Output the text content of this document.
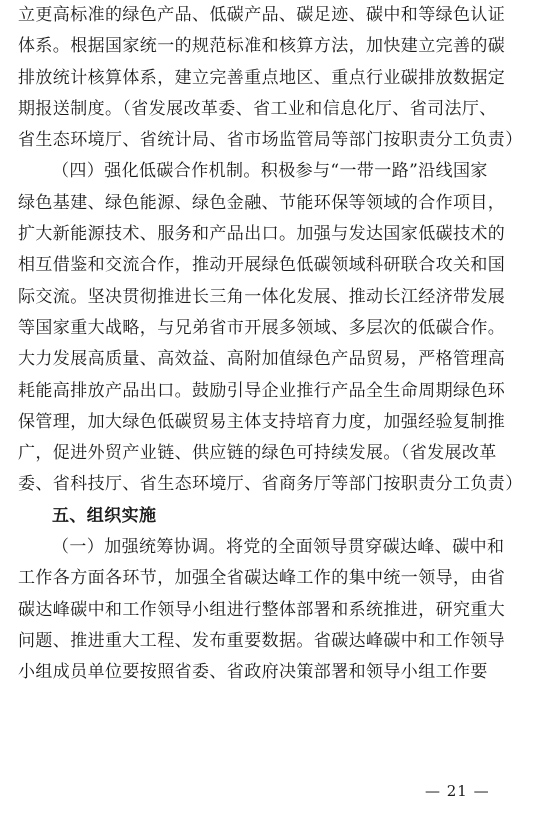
立更高标准的绿色产品、低碳产品、碳足迹、碳中和等绿色认证
体系。根据国家统一的规范标准和核算方法，加快建立完善的碳
排放统计核算体系，建立完善重点地区、重点行业碳排放数据定
期报送制度。（省发展改革委、省工业和信息化厅、省司法厅、
省生态环境厅、省统计局、省市场监管局等部门按职责分工负责）
（四）强化低碳合作机制。积极参与“一带一路”沿线国家
绿色基建、绿色能源、绿色金融、节能环保等领域的合作项目，
扩大新能源技术、服务和产品出口。加强与发达国家低碳技术的
相互借鉴和交流合作，推动开展绿色低碳领域科研联合攻关和国
际交流。坚决贯彻推进长三角一体化发展、推动长江经济带发展
等国家重大战略，与兄弟省市开展多领域、多层次的低碳合作。
大力发展高质量、高效益、高附加值绿色产品贸易，严格管理高
耗能高排放产品出口。鼓励引导企业推行产品全生命周期绿色环
保管理，加大绿色低碳贸易主体支持培育力度，加强经验复制推
广，促进外贸产业链、供应链的绿色可持续发展。（省发展改革
委、省科技厅、省生态环境厅、省商务厅等部门按职责分工负责）
五、组织实施
（一）加强统筹协调。将党的全面领导贯穿碳达峰、碳中和
工作各方面各环节，加强全省碳达峰工作的集中统一领导，由省
碳达峰碳中和工作领导小组进行整体部署和系统推进，研究重大
问题、推进重大工程、发布重要数据。省碳达峰碳中和工作领导
小组成员单位要按照省委、省政府决策部署和领导小组工作要
— 21 —
